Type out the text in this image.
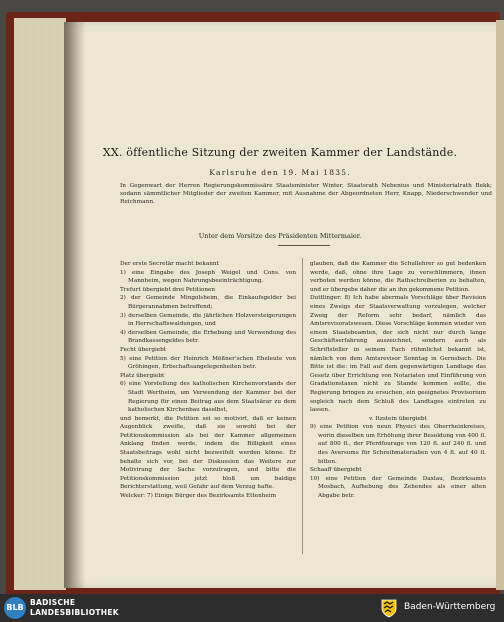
XX. öffentliche Sitzung der zweiten Kammer der Landstände.
Karlsruhe den 19. Mai 1835.
In Gegenwart der Herren Regierungskommissäre Staatsminister Winter, Staatsrath Nebenius und Ministerialrath Bekk; sodann sämmtlicher Mitglieder der zweiten Kammer, mit Ausnahme der Abgeordneten Herr, Knapp, Niederschwender und Reichmann.
Unter dem Vorsitze des Präsidenten Mittermaier.

Der erste Secretär macht bekannt

1) eine Eingabe des Joseph Weigel und Cons. von Mannheim, wegen Nahrungsbeeinträchtigung.

Trefurt übergiebt drei Petitionen

2) der Gemeinde Mingolsheim, die Einkaufsgelder bei Bürgerannahmen betreffend;

3) derselben Gemeinde, die jährlichen Holzversteigerungen in Herrschaftswaldungen, und

4) derselben Gemeinde, die Erhebung und Verwendung des Brandkassengeldes betr.

Fecht übergiebt

5) eine Petition der Heinrich Mößner'schen Eheleute von Gröhingen, Erbschaftsangelegenheiten betr.

Platz übergiebt

6) eine Vorstellung des katholischen Kirchenvorstands der Stadt Wertheim, um Verwendung der Kammer bei der Regierung für einen Beitrag aus dem Staatsärar zu dem katholischen Kirchenbau daselbst,

und bemerkt, die Petition sei so motivirt, daß er keinen Augenblick zweifle, daß sie sowohl bei der Petitionskommission als bei der Kammer allgemeinen Anklang finden werde, indem die Billigkeit eines Staatsbeitrags wohl nicht bezweifelt werden könne. Er behalte sich vor, bei der Diskussion das Weitere zur Motivirung der Sache vorzutragen, und bitte die Petitionskommission jetzt bloß um baldige Berichterstattung, weil Gefahr auf dem Verzug hafte.

Welcker: 7) Einige Bürger des Bezirksamts Ettenheim

glauben, daß die Kammer die Schullehrer so gut bedenken werde, daß, ohne ihre Lage zu verschlimmern, ihnen verboten werden könne, die Rathschreiberien zu behalten, und er übergebe daher die an ihn gekommene Petition.

Duttlinger: 8) Ich habe abermals Vorschläge über Revision eines Zweigs der Staatsverwaltung vorzulegen, welcher Zweig der Reform sehr bedarf, nämlich das Amtsrevisoratswesen. Diese Vorschläge kommen wieder von einem Staatsbeamten, der sich nicht nur durch lange Geschäftserfahrung auszeichnet, sondern auch als Schriftsteller in seinem Fach rühmlichst bekannt ist, nämlich von dem Amtsrevisor Sonntag in Gernsbach. Die Bitte ist die: im Fall auf dem gegenwärtigen Landtage das Gesetz über Errichtung von Notariaten und Einführung von Gradationstaxen nicht zu Stande kommen sollte, die Regierung bringen zu ersuchen, ein geeignetes Provisorium sogleich nach dem Schluß des Landtages eintreten zu lassen.

v. Itzstein übergiebt

9) eine Petition von neun Physici des Oberrheinkreises, worin dieselben um Erhöhung ihrer Besoldung von 400 fl. auf 800 fl., der Pferdfourage von 120 fl. auf 240 fl. und des Aversums für Schreibmaterialien von 4 fl. auf 40 fl. bitten.

Schaaff übergiebt

10) eine Petition der Gemeinde Daxlau, Bezirksamts Mosbach, Aufhebung des Zehendes als einer alten Abgabe betr.

BLB
BADISCHE
LANDESBIBLIOTHEK
Baden-Württemberg
